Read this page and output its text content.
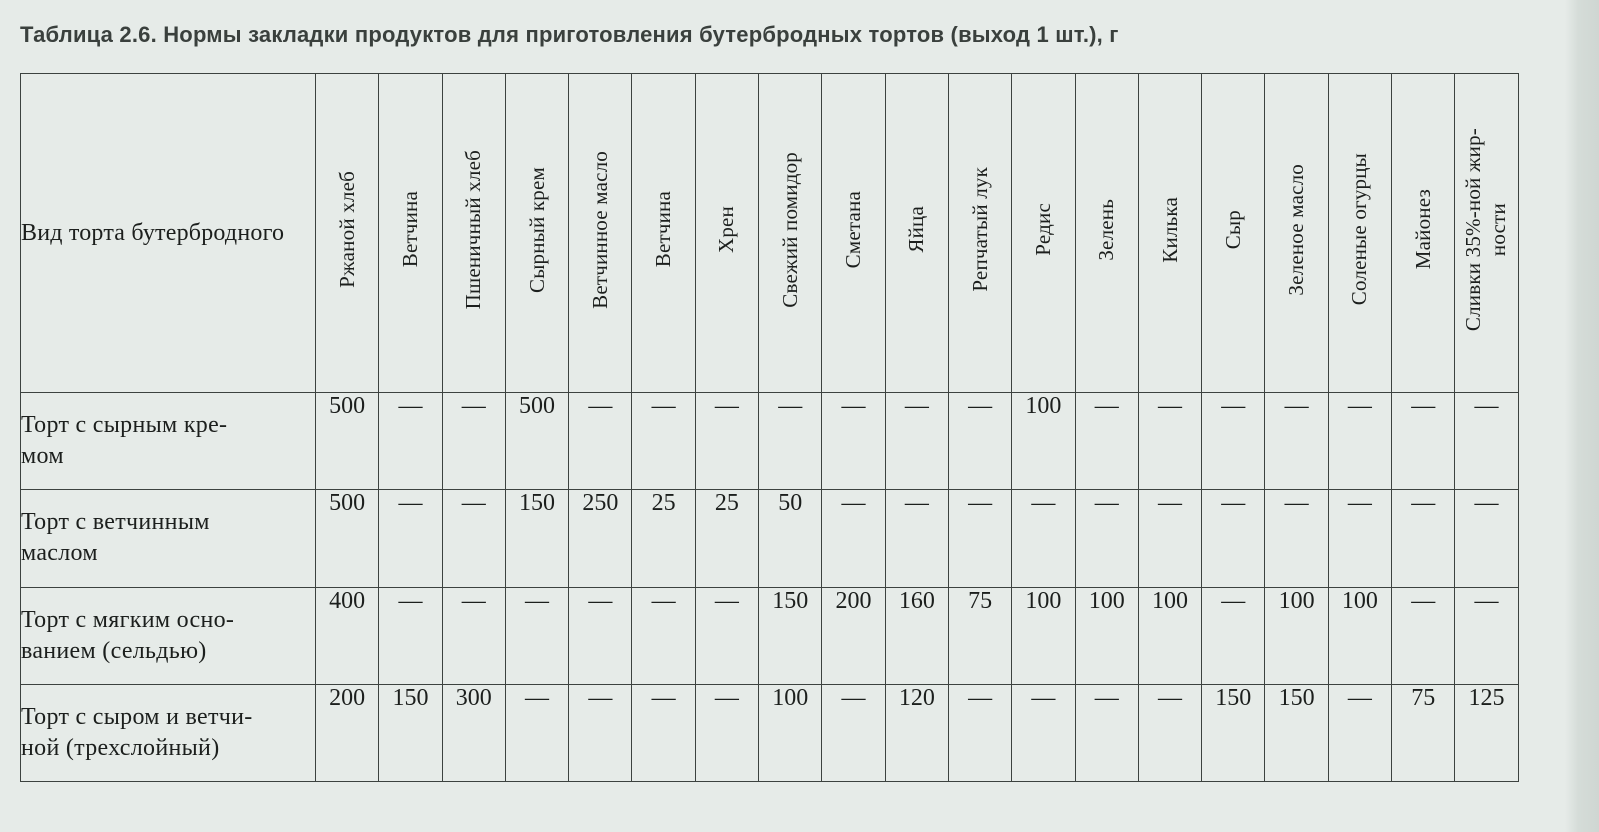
Таблица 2.6. Нормы закладки продуктов для приготовления бутербродных тортов (выход 1 шт.), г
Вид торта бутербродного	Ржаной хлеб	Ветчина	Пшеничный хлеб	Сырный крем	Ветчинное масло	Ветчина	Хрен	Свежий помидор	Сметана	Яйца	Репчатый лук	Редис	Зелень	Килька	Сыр	Зеленое масло	Соленые огурцы	Майонез	Сливки 35%-ной жир-
ности
Торт с сырным кре-
мом	500	—	—	500	—	—	—	—	—	—	—	100	—	—	—	—	—	—	—
Торт с ветчинным
маслом	500	—	—	150	250	25	25	50	—	—	—	—	—	—	—	—	—	—	—
Торт с мягким осно-
ванием (сельдью)	400	—	—	—	—	—	—	150	200	160	75	100	100	100	—	100	100	—	—
Торт с сыром и ветчи-
ной (трехслойный)	200	150	300	—	—	—	—	100	—	120	—	—	—	—	150	150	—	75	125
